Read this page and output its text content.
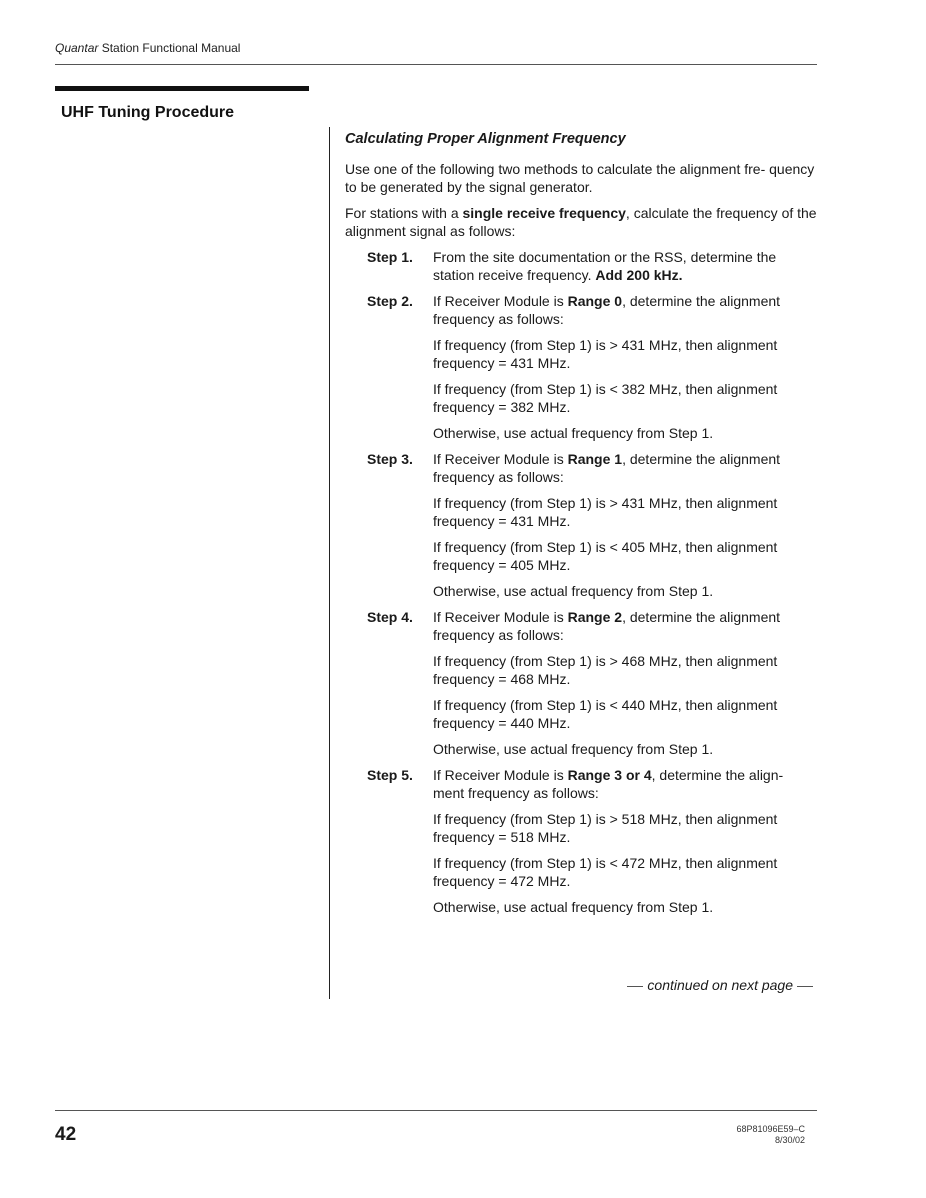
Quantar Station Functional Manual
UHF Tuning Procedure
Calculating Proper Alignment Frequency

Use one of the following two methods to calculate the alignment fre- quency to be generated by the signal generator.

For stations with a single receive frequency, calculate the frequency of the alignment signal as follows:

Step 1.	From the site documentation or the RSS, determine the station receive frequency. Add 200 kHz.
Step 2.	If Receiver Module is Range 0, determine the alignment frequency as follows:

If frequency (from Step 1) is > 431 MHz, then alignment frequency = 431 MHz.

If frequency (from Step 1) is < 382 MHz, then alignment frequency = 382 MHz.

Otherwise, use actual frequency from Step 1.

Step 3.	If Receiver Module is Range 1, determine the alignment frequency as follows:

If frequency (from Step 1) is > 431 MHz, then alignment frequency = 431 MHz.

If frequency (from Step 1) is < 405 MHz, then alignment frequency = 405 MHz.

Otherwise, use actual frequency from Step 1.

Step 4.	If Receiver Module is Range 2, determine the alignment frequency as follows:

If frequency (from Step 1) is > 468 MHz, then alignment frequency = 468 MHz.

If frequency (from Step 1) is < 440 MHz, then alignment frequency = 440 MHz.

Otherwise, use actual frequency from Step 1.

Step 5.	If Receiver Module is Range 3 or 4, determine the align- ment frequency as follows:

If frequency (from Step 1) is > 518 MHz, then alignment frequency = 518 MHz.

If frequency (from Step 1) is < 472 MHz, then alignment frequency = 472 MHz.

Otherwise, use actual frequency from Step 1.

continued on next page
42	68P81096E59–C
8/30/02
